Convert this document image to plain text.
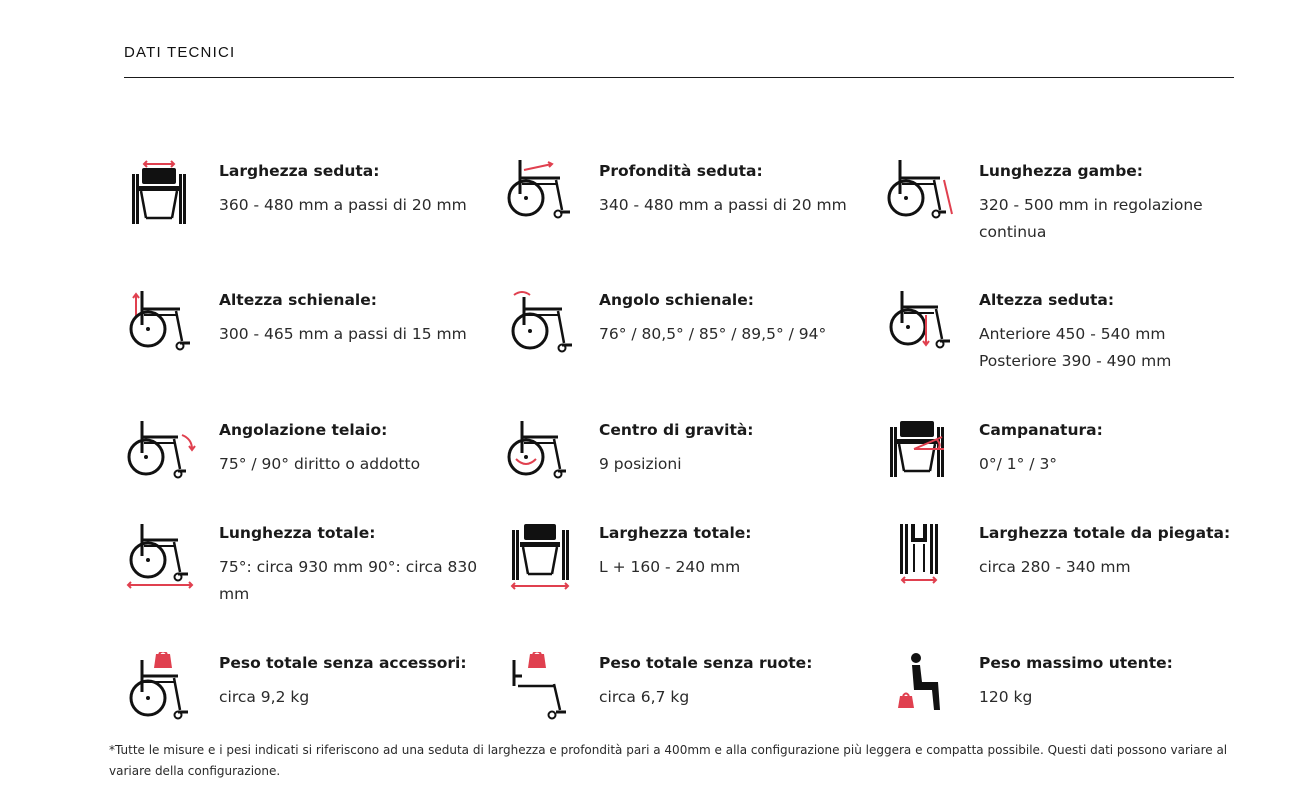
DATI TECNICI
Larghezza seduta:
360 - 480 mm a passi di 20 mm
Profondità seduta:
340 - 480 mm a passi di 20 mm
Lunghezza gambe:
320 - 500 mm in regolazione continua
Altezza schienale:
300 - 465 mm a passi di 15 mm
Angolo schienale:
76° / 80,5° / 85° / 89,5° / 94°
Altezza seduta:
Anteriore 450 - 540 mm
Posteriore 390 - 490 mm
Angolazione telaio:
75° / 90° diritto o addotto
Centro di gravità:
9 posizioni
Campanatura:
0°/ 1° / 3°
Lunghezza totale:
75°: circa 930 mm 90°: circa 830 mm
Larghezza totale:
L + 160 - 240 mm
Larghezza totale da piegata:
circa 280 - 340 mm
Peso totale senza accessori:
circa 9,2 kg
Peso totale senza ruote:
circa 6,7 kg
Peso massimo utente:
120 kg
*Tutte le misure e i pesi indicati si riferiscono ad una seduta di larghezza e profondità pari a 400mm e alla configurazione più leggera e compatta possibile. Questi dati possono variare al variare della configurazione.
